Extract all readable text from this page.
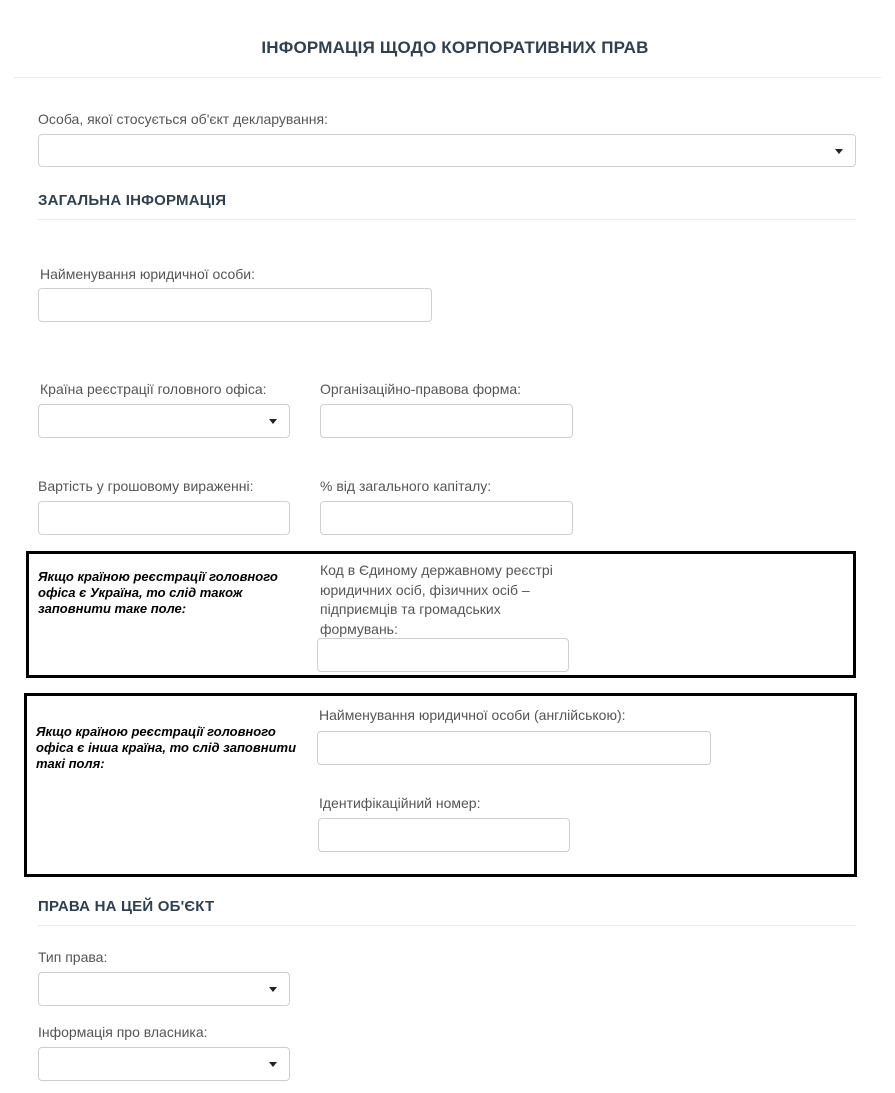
ІНФОРМАЦІЯ ЩОДО КОРПОРАТИВНИХ ПРАВ
Особа, якої стосується об'єкт декларування:
ЗАГАЛЬНА ІНФОРМАЦІЯ
Найменування юридичної особи:
Країна реєстрації головного офіса:	Організаційно-правова форма:
Вартість у грошовому вираженні:	% від загального капіталу:
Якщо країною реєстрації головного
офіса є Україна, то слід також
заповнити таке поле:
Код в Єдиному державному реєстрі
юридичних осіб, фізичних осіб –
підприємців та громадських
формувань:
Якщо країною реєстрації головного
офіса є інша країна, то слід заповнити
такі поля:
Найменування юридичної особи (англійською):
Ідентифікаційний номер:
ПРАВА НА ЦЕЙ ОБ'ЄКТ
Тип права:
Інформація про власника:
